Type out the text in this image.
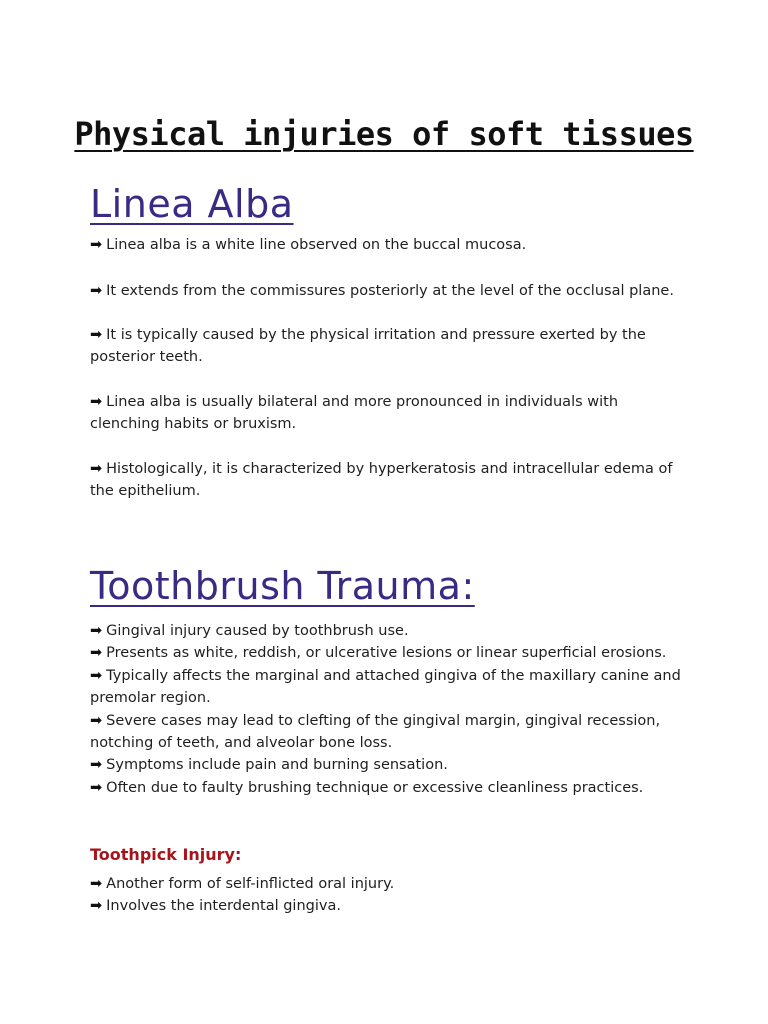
Physical injuries of soft tissues
Linea Alba

➡ Linea alba is a white line observed on the buccal mucosa.

➡ It extends from the commissures posteriorly at the level of the occlusal plane.

➡ It is typically caused by the physical irritation and pressure exerted by the posterior teeth.

➡ Linea alba is usually bilateral and more pronounced in individuals with clenching habits or bruxism.

➡ Histologically, it is characterized by hyperkeratosis and intracellular edema of the epithelium.

Toothbrush Trauma:
➡ Gingival injury caused by toothbrush use.
➡ Presents as white, reddish, or ulcerative lesions or linear superficial erosions.
➡ Typically affects the marginal and attached gingiva of the maxillary canine and premolar region.
➡ Severe cases may lead to clefting of the gingival margin, gingival recession, notching of teeth, and alveolar bone loss.
➡ Symptoms include pain and burning sensation.
➡ Often due to faulty brushing technique or excessive cleanliness practices.
Toothpick Injury:
➡ Another form of self-inflicted oral injury.
➡ Involves the interdental gingiva.
